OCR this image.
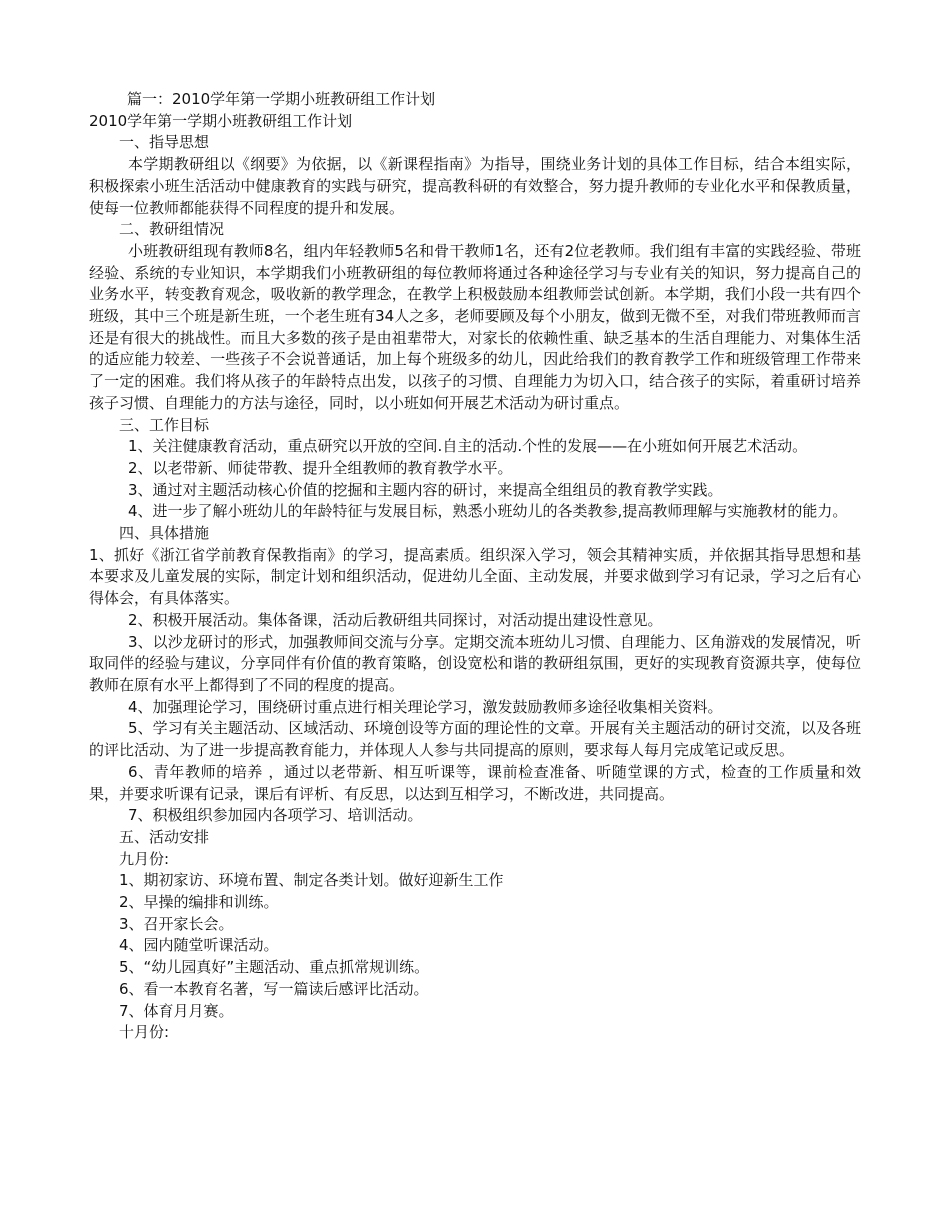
篇一：2010学年第一学期小班教研组工作计划

2010学年第一学期小班教研组工作计划

一、指导思想

本学期教研组以《纲要》为依据，以《新课程指南》为指导，围绕业务计划的具体工作目标，结合本组实际，积极探索小班生活活动中健康教育的实践与研究，提高教科研的有效整合，努力提升教师的专业化水平和保教质量，使每一位教师都能获得不同程度的提升和发展。

二、教研组情况

小班教研组现有教师8名，组内年轻教师5名和骨干教师1名，还有2位老教师。我们组有丰富的实践经验、带班经验、系统的专业知识，本学期我们小班教研组的每位教师将通过各种途径学习与专业有关的知识，努力提高自己的业务水平，转变教育观念，吸收新的教学理念，在教学上积极鼓励本组教师尝试创新。本学期，我们小段一共有四个班级，其中三个班是新生班，一个老生班有34人之多，老师要顾及每个小朋友，做到无微不至，对我们带班教师而言还是有很大的挑战性。而且大多数的孩子是由祖辈带大，对家长的依赖性重、缺乏基本的生活自理能力、对集体生活的适应能力较差、一些孩子不会说普通话，加上每个班级多的幼儿，因此给我们的教育教学工作和班级管理工作带来了一定的困难。我们将从孩子的年龄特点出发，以孩子的习惯、自理能力为切入口，结合孩子的实际，着重研讨培养孩子习惯、自理能力的方法与途径，同时，以小班如何开展艺术活动为研讨重点。

三、工作目标

1、关注健康教育活动，重点研究以开放的空间.自主的活动.个性的发展——在小班如何开展艺术活动。

2、以老带新、师徒带教、提升全组教师的教育教学水平。

3、通过对主题活动核心价值的挖掘和主题内容的研讨，来提高全组组员的教育教学实践。

4、进一步了解小班幼儿的年龄特征与发展目标，熟悉小班幼儿的各类教参,提高教师理解与实施教材的能力。

四、具体措施

1、抓好《浙江省学前教育保教指南》的学习，提高素质。组织深入学习，领会其精神实质，并依据其指导思想和基本要求及儿童发展的实际，制定计划和组织活动，促进幼儿全面、主动发展，并要求做到学习有记录，学习之后有心得体会，有具体落实。

2、积极开展活动。集体备课，活动后教研组共同探讨，对活动提出建设性意见。

3、以沙龙研讨的形式，加强教师间交流与分享。定期交流本班幼儿习惯、自理能力、区角游戏的发展情况，听取同伴的经验与建议，分享同伴有价值的教育策略，创设宽松和谐的教研组氛围，更好的实现教育资源共享，使每位教师在原有水平上都得到了不同的程度的提高。

4、加强理论学习，围绕研讨重点进行相关理论学习，激发鼓励教师多途径收集相关资料。

5、学习有关主题活动、区域活动、环境创设等方面的理论性的文章。开展有关主题活动的研讨交流，以及各班的评比活动、为了进一步提高教育能力，并体现人人参与共同提高的原则，要求每人每月完成笔记或反思。

6、青年教师的培养 ，通过以老带新、相互听课等，课前检查准备、听随堂课的方式，检查的工作质量和效果，并要求听课有记录，课后有评析、有反思，以达到互相学习，不断改进，共同提高。

7、积极组织参加园内各项学习、培训活动。

五、活动安排

九月份:

1、期初家访、环境布置、制定各类计划。做好迎新生工作

2、早操的编排和训练。

3、召开家长会。

4、园内随堂听课活动。

5、“幼儿园真好”主题活动、重点抓常规训练。

6、看一本教育名著，写一篇读后感评比活动。

7、体育月月赛。

十月份:
